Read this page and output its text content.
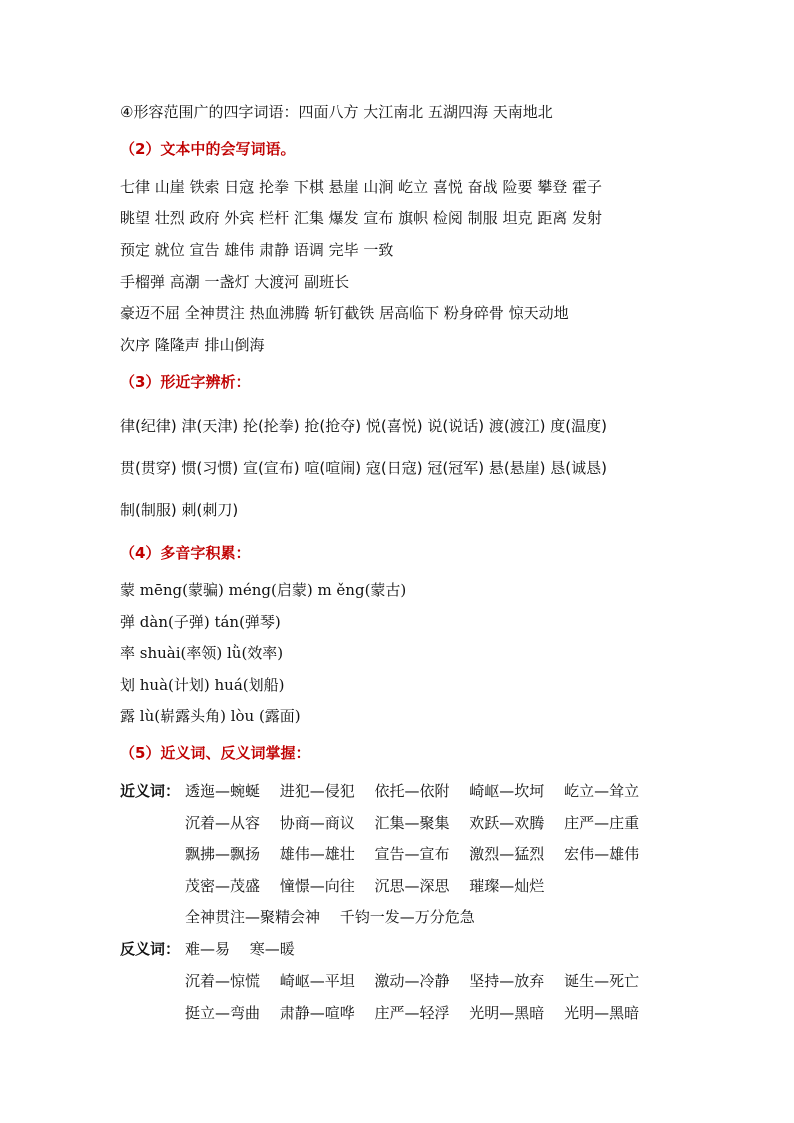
④形容范围广的四字词语：四面八方 大江南北 五湖四海 天南地北
（2）文本中的会写词语。
七律 山崖 铁索 日寇 抡拳 下棋 悬崖 山涧 屹立 喜悦 奋战 险要 攀登 霍子
眺望 壮烈 政府 外宾 栏杆 汇集 爆发 宣布 旗帜 检阅 制服 坦克 距离 发射
预定 就位 宣告 雄伟 肃静 语调 完毕 一致
手榴弹 高潮 一盏灯 大渡河 副班长
豪迈不屈 全神贯注 热血沸腾 斩钉截铁 居高临下 粉身碎骨 惊天动地
次序 隆隆声 排山倒海
（3）形近字辨析：
律(纪律) 津(天津) 抡(抡拳) 抢(抢夺) 悦(喜悦) 说(说话) 渡(渡江) 度(温度)
贯(贯穿) 惯(习惯) 宣(宣布) 喧(喧闹) 寇(日寇) 冠(冠军) 悬(悬崖) 恳(诚恳)
制(制服) 刺(刺刀)
（4）多音字积累：
蒙 mēng(蒙骗) méng(启蒙) m ěng(蒙古)
弹 dàn(子弹) tán(弹琴)
率 shuài(率领) lǜ(效率)
划 huà(计划) huá(划船)
露 lù(崭露头角) lòu (露面)
（5）近义词、反义词掌握：
近义词： 透迤—蜿蜒　 进犯—侵犯　 依托—依附　 崎岖—坎坷　 屹立—耸立
沉着—从容　 协商—商议　 汇集—聚集　 欢跃—欢腾　 庄严—庄重
飘拂—飘扬　 雄伟—雄壮　 宣告—宣布　 激烈—猛烈　 宏伟—雄伟
茂密—茂盛　 憧憬—向往　 沉思—深思　 璀璨—灿烂
全神贯注—聚精会神　 千钧一发—万分危急
反义词： 难—易　 寒—暖
沉着—惊慌　 崎岖—平坦　 激动—冷静　 坚持—放弃　 诞生—死亡
挺立—弯曲　 肃静—喧哗　 庄严—轻浮　 光明—黑暗　 光明—黑暗
